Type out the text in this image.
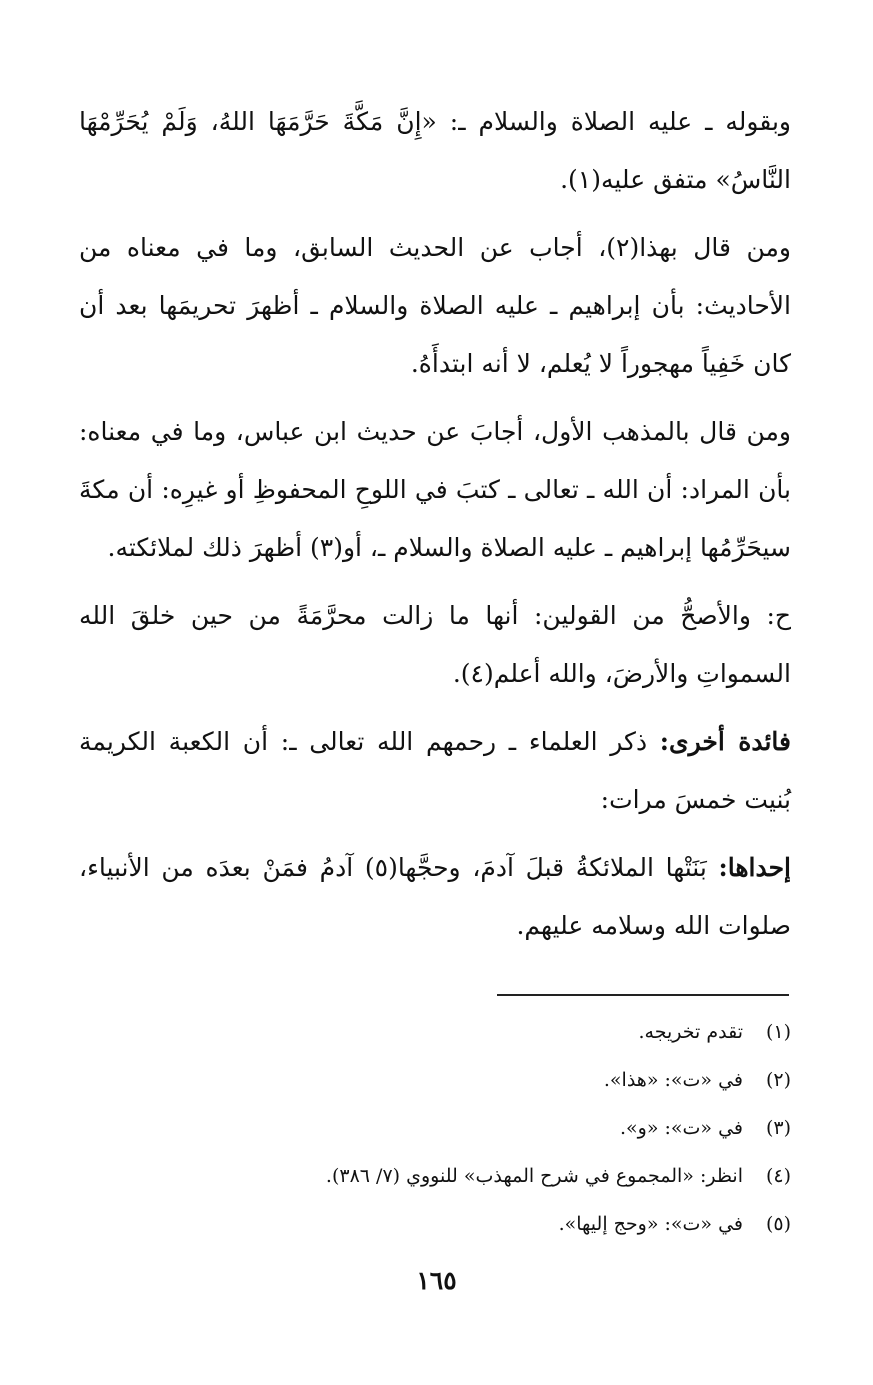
وبقوله ـ عليه الصلاة والسلام ـ: «إِنَّ مَكَّةَ حَرَّمَهَا اللهُ، وَلَمْ يُحَرِّمْهَا النَّاسُ» متفق عليه(١).

ومن قال بهذا(٢)، أجاب عن الحديث السابق، وما في معناه من الأحاديث: بأن إبراهيم ـ عليه الصلاة والسلام ـ أظهرَ تحريمَها بعد أن كان خَفِياً مهجوراً لا يُعلم، لا أنه ابتدأَهُ.

ومن قال بالمذهب الأول، أجابَ عن حديث ابن عباس، وما في معناه: بأن المراد: أن الله ـ تعالى ـ كتبَ في اللوحِ المحفوظِ أو غيرِه: أن مكةَ سيحَرِّمُها إبراهيم ـ عليه الصلاة والسلام ـ، أو(٣) أظهرَ ذلك لملائكته.

ح: والأصحُّ من القولين: أنها ما زالت محرَّمَةً من حين خلقَ الله السمواتِ والأرضَ، والله أعلم(٤).

فائدة أخرى: ذكر العلماء ـ رحمهم الله تعالى ـ: أن الكعبة الكريمة بُنيت خمسَ مرات:

إحداها: بَنَتْها الملائكةُ قبلَ آدمَ، وحجَّها(٥) آدمُ فمَنْ بعدَه من الأنبياء، صلوات الله وسلامه عليهم.

(١)
تقدم تخريجه.
(٢)
في «ت»: «هذا».
(٣)
في «ت»: «و».
(٤)
انظر: «المجموع في شرح المهذب» للنووي (٧/ ٣٨٦).
(٥)
في «ت»: «وحج إليها».
١٦٥
